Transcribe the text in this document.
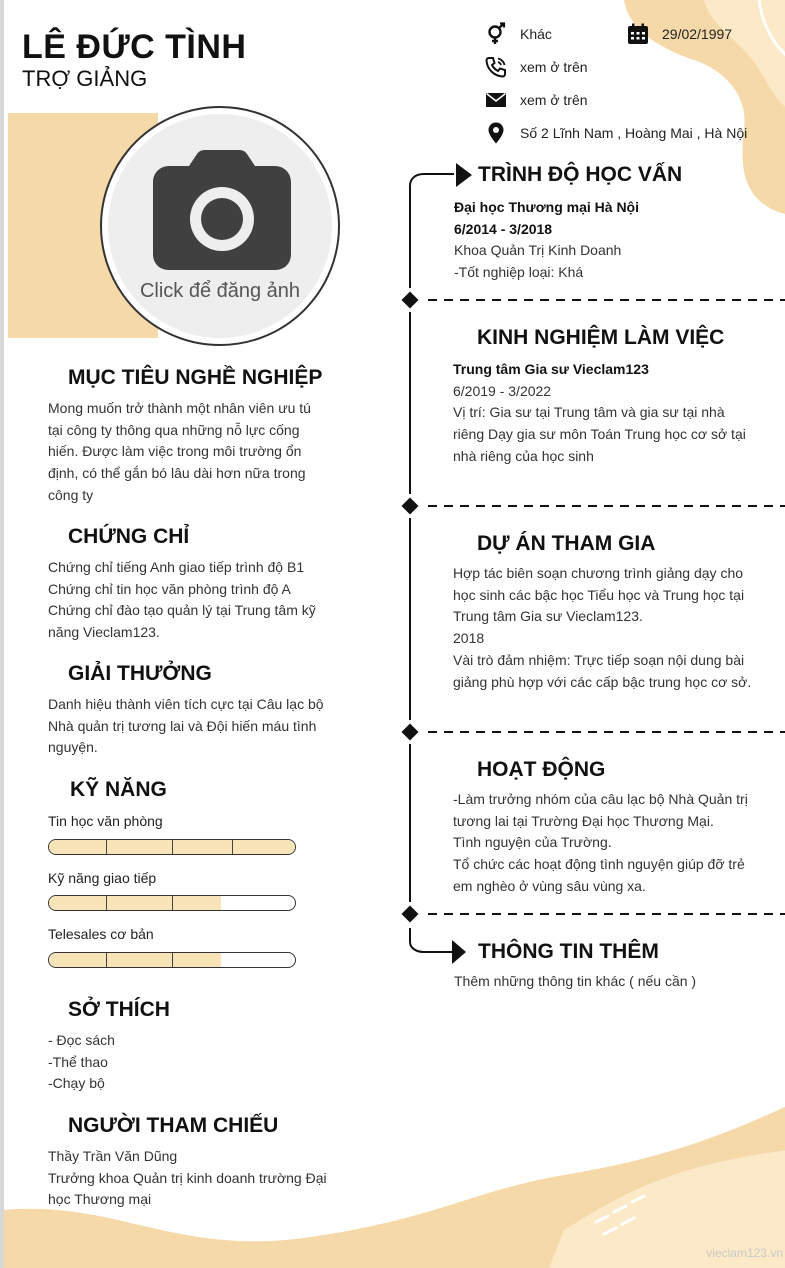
LÊ ĐỨC TÌNH
TRỢ GIẢNG
Khác	29/02/1997
xem ở trên
xem ở trên
Số 2 Lĩnh Nam , Hoàng Mai , Hà Nội
Click để đăng ảnh
MỤC TIÊU NGHỀ NGHIỆP
Mong muốn trở thành một nhân viên ưu tú
tại công ty thông qua những nỗ lực cống
hiến. Được làm việc trong môi trường ổn
định, có thể gắn bó lâu dài hơn nữa trong
công ty
CHỨNG CHỈ
Chứng chỉ tiếng Anh giao tiếp trình độ B1
Chứng chỉ tin học văn phòng trình độ A
Chứng chỉ đào tạo quản lý tại Trung tâm kỹ
năng Vieclam123.
GIẢI THƯỞNG
Danh hiệu thành viên tích cực tại Câu lạc bộ
Nhà quản trị tương lai và Đội hiến máu tình
nguyện.
KỸ NĂNG
Tin học văn phòng
Kỹ năng giao tiếp
Telesales cơ bản
SỞ THÍCH
- Đọc sách
-Thể thao
-Chạy bộ
NGƯỜI THAM CHIẾU
Thầy Trần Văn Dũng
Trưởng khoa Quản trị kinh doanh trường Đại
học Thương mại
TRÌNH ĐỘ HỌC VẤN
Đại học Thương mại Hà Nội
6/2014 - 3/2018
Khoa Quản Trị Kinh Doanh
-Tốt nghiệp loại: Khá
KINH NGHIỆM LÀM VIỆC
Trung tâm Gia sư Vieclam123
6/2019 - 3/2022
Vị trí: Gia sư tại Trung tâm và gia sư tại nhà
riêng Dạy gia sư môn Toán Trung học cơ sở tại
nhà riêng của học sinh
DỰ ÁN THAM GIA
Hợp tác biên soạn chương trình giảng dạy cho
học sinh các bậc học Tiểu học và Trung học tại
Trung tâm Gia sư Vieclam123.
2018
Vài trò đảm nhiệm: Trực tiếp soạn nội dung bài
giảng phù hợp với các cấp bậc trung học cơ sở.
HOẠT ĐỘNG
-Làm trưởng nhóm của câu lạc bộ Nhà Quản trị
tương lai tại Trường Đại học Thương Mại.
Tình nguyện của Trường.
Tổ chức các hoạt động tình nguyện giúp đỡ trẻ
em nghèo ở vùng sâu vùng xa.
THÔNG TIN THÊM
Thêm những thông tin khác ( nếu cần )
vieclam123.vn
